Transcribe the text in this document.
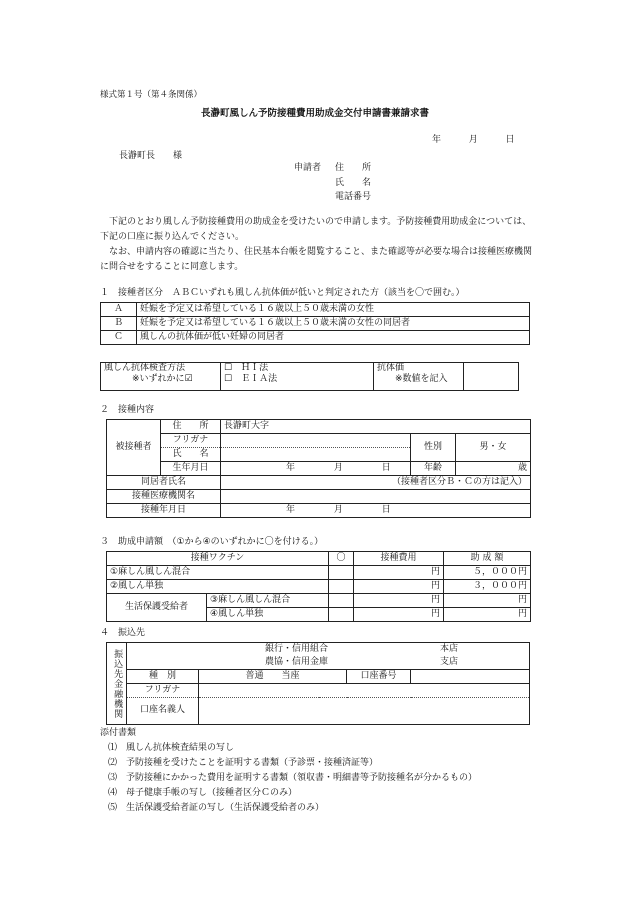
様式第１号（第４条関係）
長瀞町風しん予防接種費用助成金交付申請書兼請求書
年	月	日
長瀞町長　　様
申請者 住　　所
氏　　名
電話番号
下記のとおり風しん予防接種費用の助成金を受けたいので申請します。予防接種費用助成金については、下記の口座に振り込んでください。
なお、申請内容の確認に当たり、住民基本台帳を閲覧すること、また確認等が必要な場合は接種医療機関に問合せをすることに同意します。
１　接種者区分　ＡＢＣいずれも風しん抗体価が低いと判定された方（該当を〇で囲む。）
Ａ	妊娠を予定又は希望している１６歳以上５０歳未満の女性
Ｂ	妊娠を予定又は希望している１６歳以上５０歳未満の女性の同居者
Ｃ	風しんの抗体価が低い妊婦の同居者
風しん抗体検査方法
※いずれかに☑

☐　ＨＩ法
☐　ＥＩＡ法

抗体価
※数値を記入

２　接種内容
被接種者	住　　所	長瀞町大字		
	フリガナ		性別	男・女
	氏　　名			
	生年月日	年 月 日	年齢	歳
同居者氏名		（接種者区分Ｂ・Ｃの方は記入）		
接種医療機関名				
接種年月日		年 月 日		
３　助成申請額　（①から④のいずれかに〇を付ける。）
接種ワクチン		〇	接種費用	助 成 額
①麻しん風しん混合			円	５，０００円
②風しん単独			円	３，０００円
生活保護受給者	③麻しん風しん混合		円	円
	④風しん単独		円	円
４　振込先
振込先金融機関	銀行・信用組合
農協・信用金庫
本店
支店			

	種　別	普通　　当座	口座番号	
	フリガナ			
	口座名義人			

添付書類
⑴　風しん抗体検査結果の写し
⑵　予防接種を受けたことを証明する書類（予診票・接種済証等）
⑶　予防接種にかかった費用を証明する書類（領収書・明細書等予防接種名が分かるもの）
⑷　母子健康手帳の写し（接種者区分Ｃのみ）
⑸　生活保護受給者証の写し（生活保護受給者のみ）
